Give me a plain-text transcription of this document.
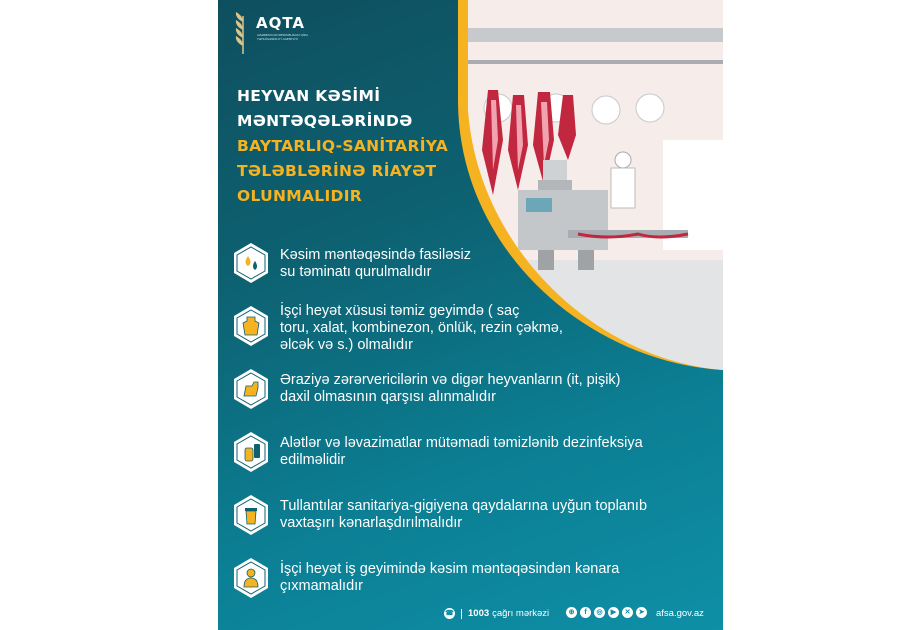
AQTA
AZƏRBAYCAN RESPUBLİKASI QİDA TƏHLÜKƏSİZLİYİ AGENTLİYİ
HEYVAN KƏSİMİ
MƏNTƏQƏLƏRİNDƏ
BAYTARLIQ-SANİTARİYA
TƏLƏBLƏRİNƏ RİAYƏT
OLUNMALIDIR
Kəsim məntəqəsində fasiləsiz
su təminatı qurulmalıdır
İşçi heyət xüsusi təmiz geyimdə ( saç
toru, xalat, kombinezon, önlük, rezin çəkmə,
əlcək və s.) olmalıdır
Əraziyə zərərvericilərin və digər heyvanların (it, pişik)
daxil olmasının qarşısı alınmalıdır
Alətlər və ləvazimatlar mütəmadi təmizlənib dezinfeksiya
edilməlidir
Tullantılar sanitariya-gigiyena qaydalarına uyğun toplanıb
vaxtaşırı kənarlaşdırılmalıdır
İşçi heyət iş geyimində kəsim məntəqəsindən kənara
çıxmamalıdır
☎ 1003 çağrı mərkəzi	⊕	f	◎	▶	✕	➤ afsa.gov.az
